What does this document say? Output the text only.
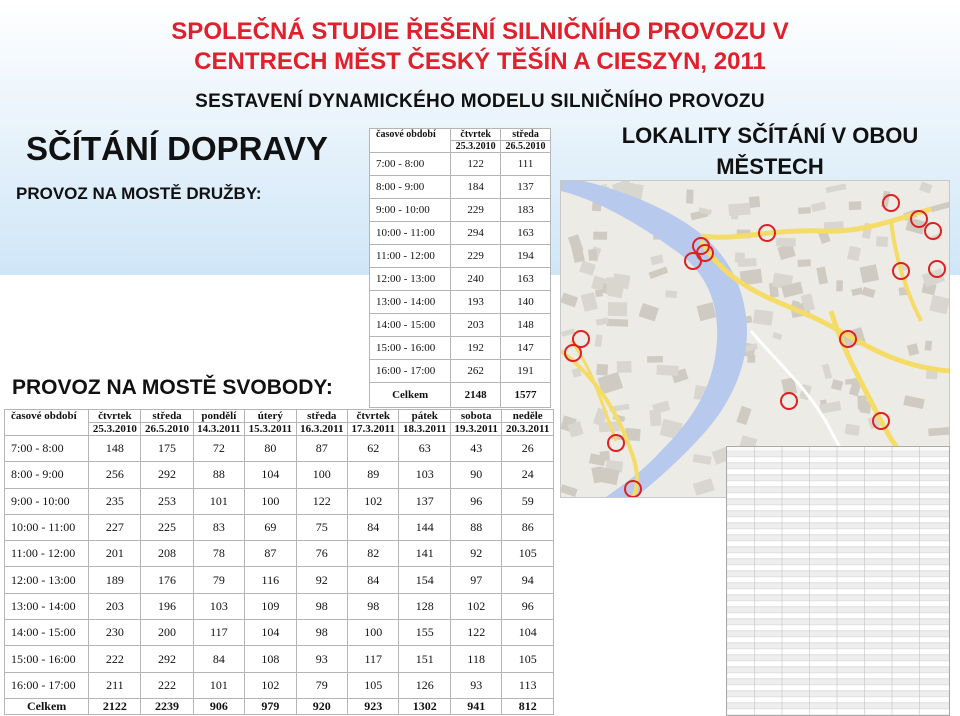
SPOLEČNÁ STUDIE ŘEŠENÍ SILNIČNÍHO PROVOZU V
CENTRECH MĚST ČESKÝ TĚŠÍN A CIESZYN, 2011
SESTAVENÍ DYNAMICKÉHO MODELU SILNIČNÍHO PROVOZU
SČÍTÁNÍ DOPRAVY
PROVOZ NA MOSTĚ DRUŽBY:
PROVOZ NA MOSTĚ SVOBODY:
LOKALITY SČÍTÁNÍ V OBOU MĚSTECH
časové období	čtvrtek	středa
	25.3.2010	26.5.2010
7:00 - 8:00	122	111
8:00 - 9:00	184	137
9:00 - 10:00	229	183
10:00 - 11:00	294	163
11:00 - 12:00	229	194
12:00 - 13:00	240	163
13:00 - 14:00	193	140
14:00 - 15:00	203	148
15:00 - 16:00	192	147
16:00 - 17:00	262	191
Celkem	2148	1577
časové období	čtvrtek	středa	pondělí	úterý	středa	čtvrtek	pátek	sobota	neděle
	25.3.2010	26.5.2010	14.3.2011	15.3.2011	16.3.2011	17.3.2011	18.3.2011	19.3.2011	20.3.2011
7:00 - 8:00	148	175	72	80	87	62	63	43	26
8:00 - 9:00	256	292	88	104	100	89	103	90	24
9:00 - 10:00	235	253	101	100	122	102	137	96	59
10:00 - 11:00	227	225	83	69	75	84	144	88	86
11:00 - 12:00	201	208	78	87	76	82	141	92	105
12:00 - 13:00	189	176	79	116	92	84	154	97	94
13:00 - 14:00	203	196	103	109	98	98	128	102	96
14:00 - 15:00	230	200	117	104	98	100	155	122	104
15:00 - 16:00	222	292	84	108	93	117	151	118	105
16:00 - 17:00	211	222	101	102	79	105	126	93	113
Celkem	2122	2239	906	979	920	923	1302	941	812
